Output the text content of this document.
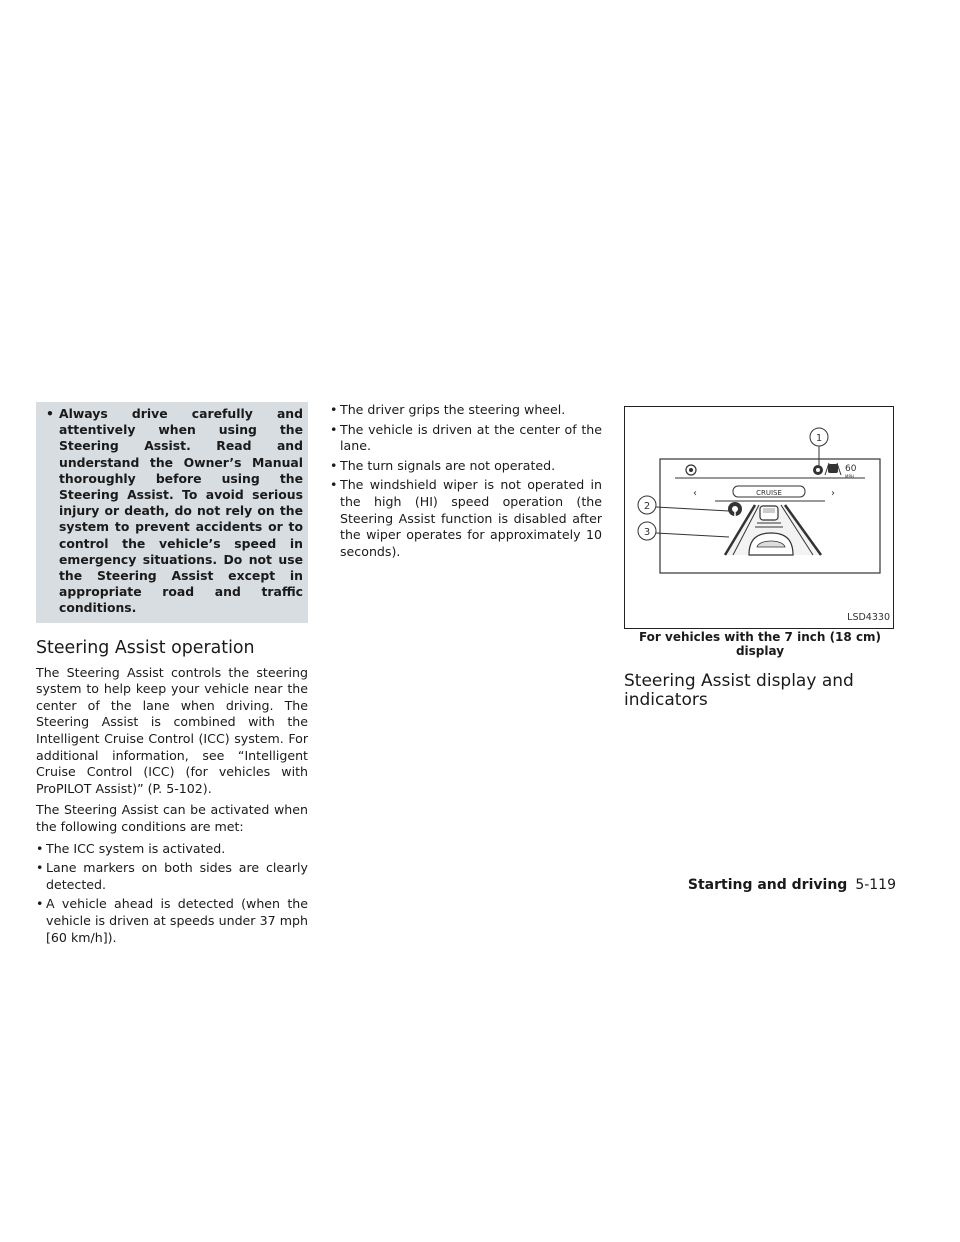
• Always drive carefully and attentively when using the Steering Assist. Read and understand the Owner’s Manual thoroughly before using the Steering Assist. To avoid serious injury or death, do not rely on the system to prevent accidents or to control the vehicle’s speed in emergency situations. Do not use the Steering Assist except in appropriate road and traffic conditions.
Steering Assist operation

The Steering Assist controls the steering system to help keep your vehicle near the center of the lane when driving. The Steering Assist is combined with the Intelligent Cruise Control (ICC) system. For additional information, see “Intelligent Cruise Control (ICC) (for vehicles with ProPILOT Assist)” (P. 5-102).

The Steering Assist can be activated when the following conditions are met:

• The ICC system is activated.
• Lane markers on both sides are clearly detected.
• A vehicle ahead is detected (when the vehicle is driven at speeds under 37 mph [60 km/h]).
• The driver grips the steering wheel.
• The vehicle is driven at the center of the lane.
• The turn signals are not operated.
• The windshield wiper is not operated in the high (HI) speed operation (the Steering Assist function is disabled after the wiper operates for approximately 10 seconds).
60
MPH
‹	›
CRUISE
1
2
3
LSD4330
For vehicles with the 7 inch (18 cm) display
Steering Assist display and indicators
Starting and driving 5-119
